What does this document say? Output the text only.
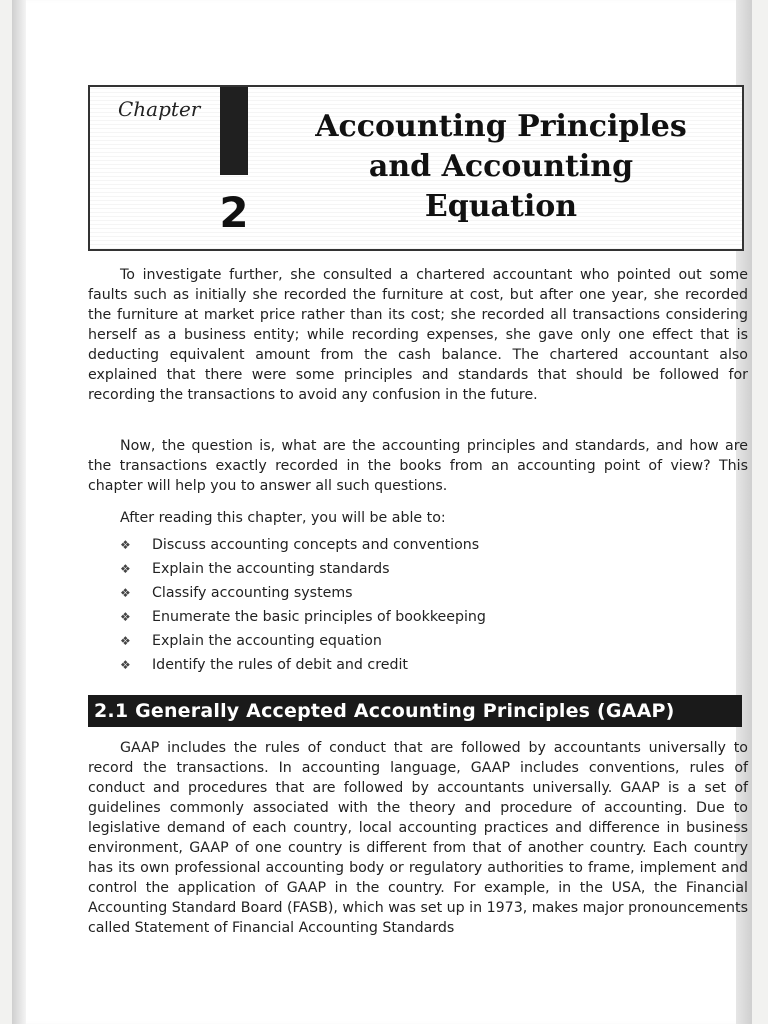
Chapter
2
Accounting Principles
and Accounting
Equation

To investigate further, she consulted a chartered accountant who pointed out some faults such as initially she recorded the furniture at cost, but after one year, she recorded the furniture at market price rather than its cost; she recorded all transactions considering herself as a business entity; while recording expenses, she gave only one effect that is deducting equivalent amount from the cash balance. The chartered accountant also explained that there were some principles and standards that should be followed for recording the transactions to avoid any confusion in the future.

Now, the question is, what are the accounting principles and standards, and how are the transactions exactly recorded in the books from an accounting point of view? This chapter will help you to answer all such questions.

After reading this chapter, you will be able to:

❖	Discuss accounting concepts and conventions
❖	Explain the accounting standards
❖	Classify accounting systems
❖	Enumerate the basic principles of bookkeeping
❖	Explain the accounting equation
❖	Identify the rules of debit and credit
2.1 Generally Accepted Accounting Principles (GAAP)

GAAP includes the rules of conduct that are followed by accountants universally to record the transactions. In accounting language, GAAP includes conventions, rules of conduct and procedures that are followed by accountants universally. GAAP is a set of guidelines commonly associated with the theory and procedure of accounting. Due to legislative demand of each country, local accounting practices and difference in business environment, GAAP of one country is different from that of another country. Each country has its own professional accounting body or regulatory authorities to frame, implement and control the application of GAAP in the country. For example, in the USA, the Financial Accounting Standard Board (FASB), which was set up in 1973, makes major pronouncements called Statement of Financial Accounting Standards
